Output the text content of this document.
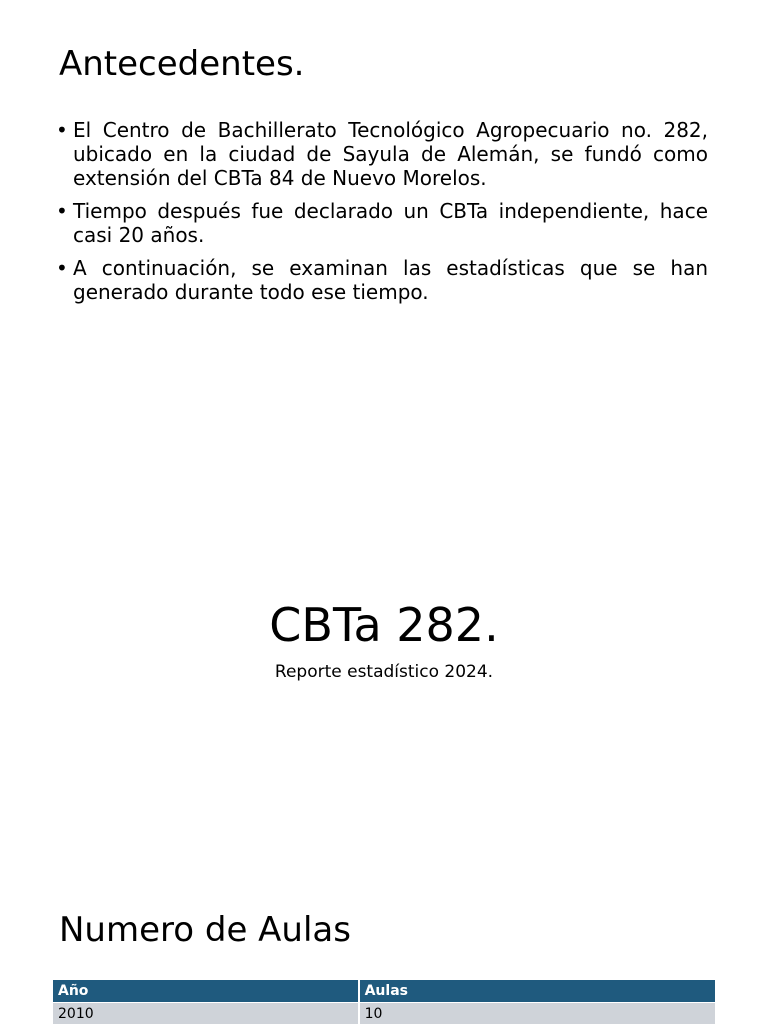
Antecedentes.
• El Centro de Bachillerato Tecnológico Agropecuario no. 282, ubicado en la ciudad de Sayula de Alemán, se fundó como extensión del CBTa 84 de Nuevo Morelos.
• Tiempo después fue declarado un CBTa independiente, hace casi 20 años.
• A continuación, se examinan las estadísticas que se han generado durante todo ese tiempo.
CBTa 282.
Reporte estadístico 2024.
Numero de Aulas
Año	Aulas
2010	10
